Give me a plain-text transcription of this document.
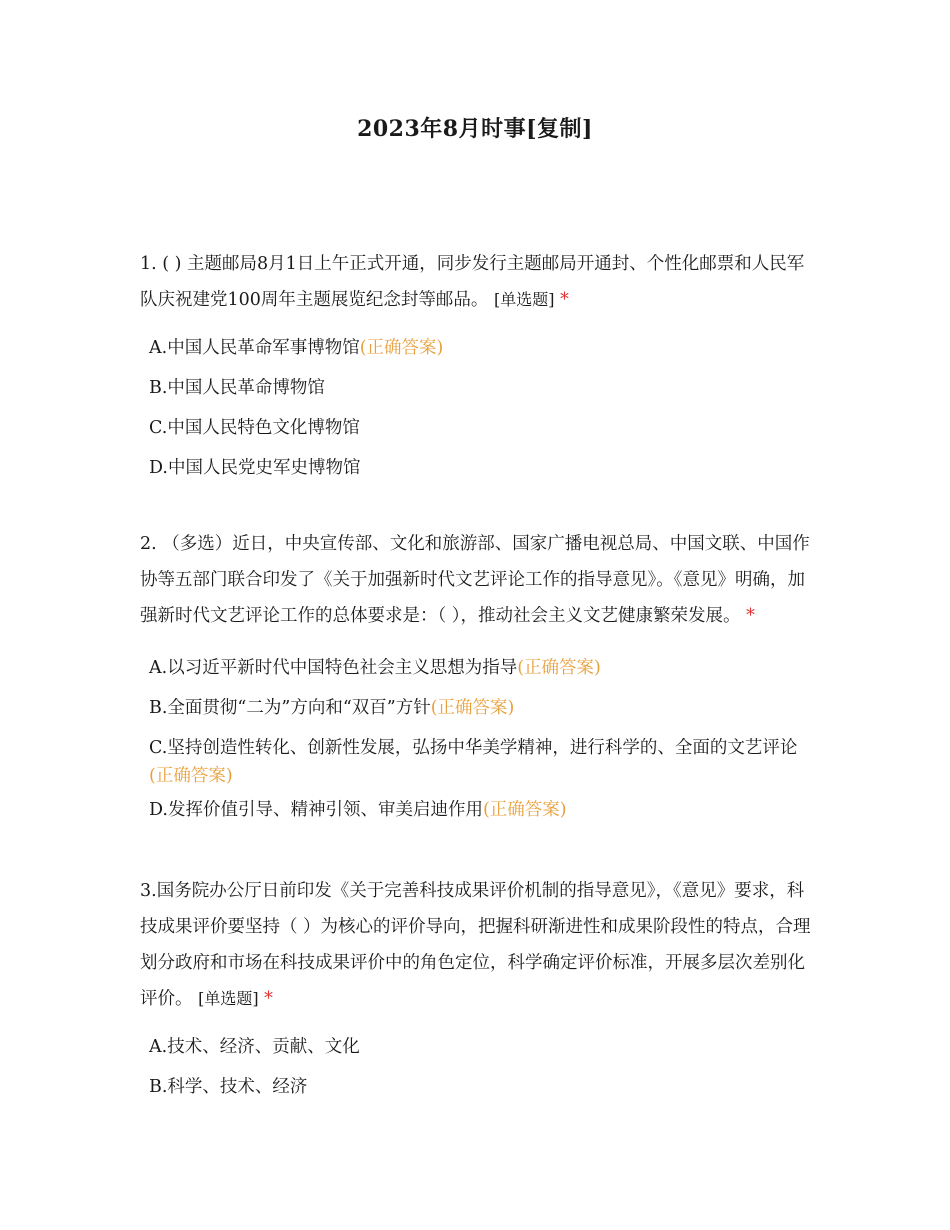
2023年8月时事[复制]

1. ( ) 主题邮局8月1日上午正式开通，同步发行主题邮局开通封、个性化邮票和人民军队庆祝建党100周年主题展览纪念封等邮品。 [单选题] *

A.中国人民革命军事博物馆(正确答案)
B.中国人民革命博物馆
C.中国人民特色文化博物馆
D.中国人民党史军史博物馆

2. （多选）近日，中央宣传部、文化和旅游部、国家广播电视总局、中国文联、中国作协等五部门联合印发了《关于加强新时代文艺评论工作的指导意见》。《意见》明确，加强新时代文艺评论工作的总体要求是：（ ），推动社会主义文艺健康繁荣发展。 *

A.以习近平新时代中国特色社会主义思想为指导(正确答案)
B.全面贯彻“二为”方向和“双百”方针(正确答案)
C.坚持创造性转化、创新性发展，弘扬中华美学精神，进行科学的、全面的文艺评论(正确答案)
D.发挥价值引导、精神引领、审美启迪作用(正确答案)

3.国务院办公厅日前印发《关于完善科技成果评价机制的指导意见》，《意见》要求，科技成果评价要坚持（ ）为核心的评价导向，把握科研渐进性和成果阶段性的特点，合理划分政府和市场在科技成果评价中的角色定位，科学确定评价标准，开展多层次差别化评价。 [单选题] *

A.技术、经济、贡献、文化
B.科学、技术、经济
